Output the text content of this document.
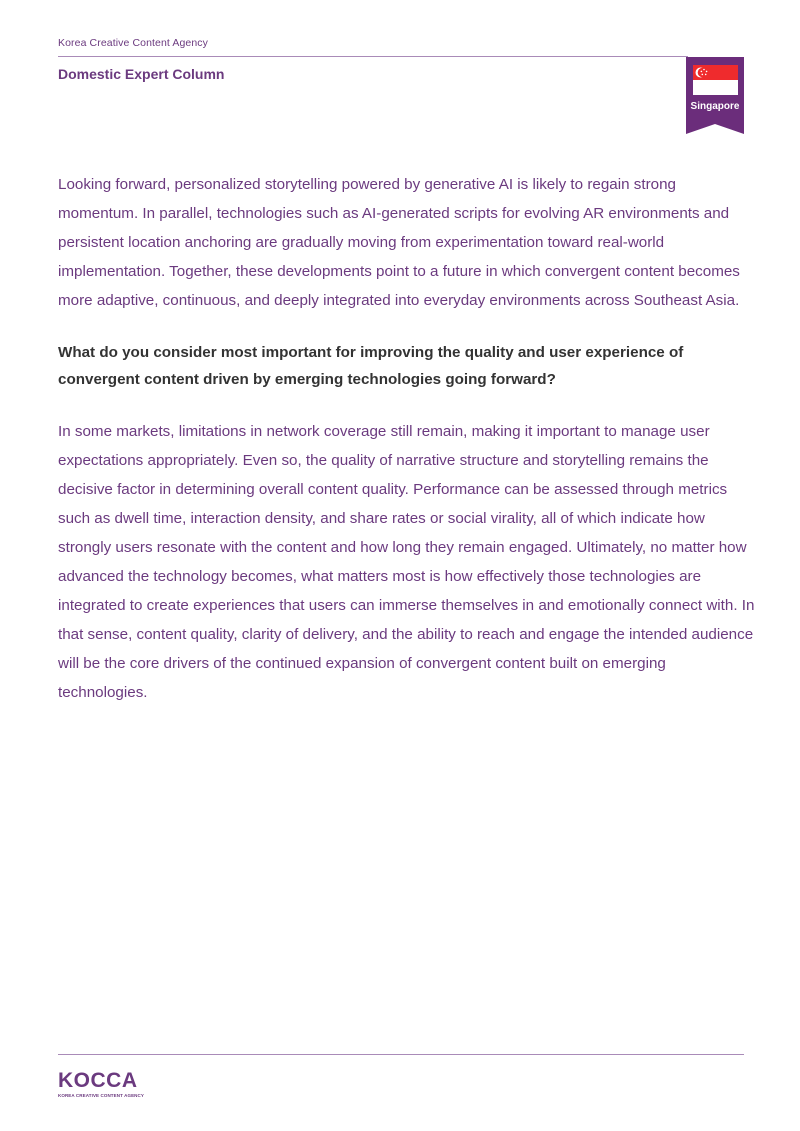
Korea Creative Content Agency
Domestic Expert Column
Singapore

Looking forward, personalized storytelling powered by generative AI is likely to regain strong momentum. In parallel, technologies such as AI-generated scripts for evolving AR environments and persistent location anchoring are gradually moving from experimentation toward real-world implementation. Together, these developments point to a future in which convergent content becomes more adaptive, continuous, and deeply integrated into everyday environments across Southeast Asia.

What do you consider most important for improving the quality and user experience of convergent content driven by emerging technologies going forward?

In some markets, limitations in network coverage still remain, making it important to manage user expectations appropriately. Even so, the quality of narrative structure and storytelling remains the decisive factor in determining overall content quality. Performance can be assessed through metrics such as dwell time, interaction density, and share rates or social virality, all of which indicate how strongly users resonate with the content and how long they remain engaged. Ultimately, no matter how advanced the technology becomes, what matters most is how effectively those technologies are integrated to create experiences that users can immerse themselves in and emotionally connect with. In that sense, content quality, clarity of delivery, and the ability to reach and engage the intended audience will be the core drivers of the continued expansion of convergent content built on emerging technologies.

KOCCA
KOREA CREATIVE CONTENT AGENCY
